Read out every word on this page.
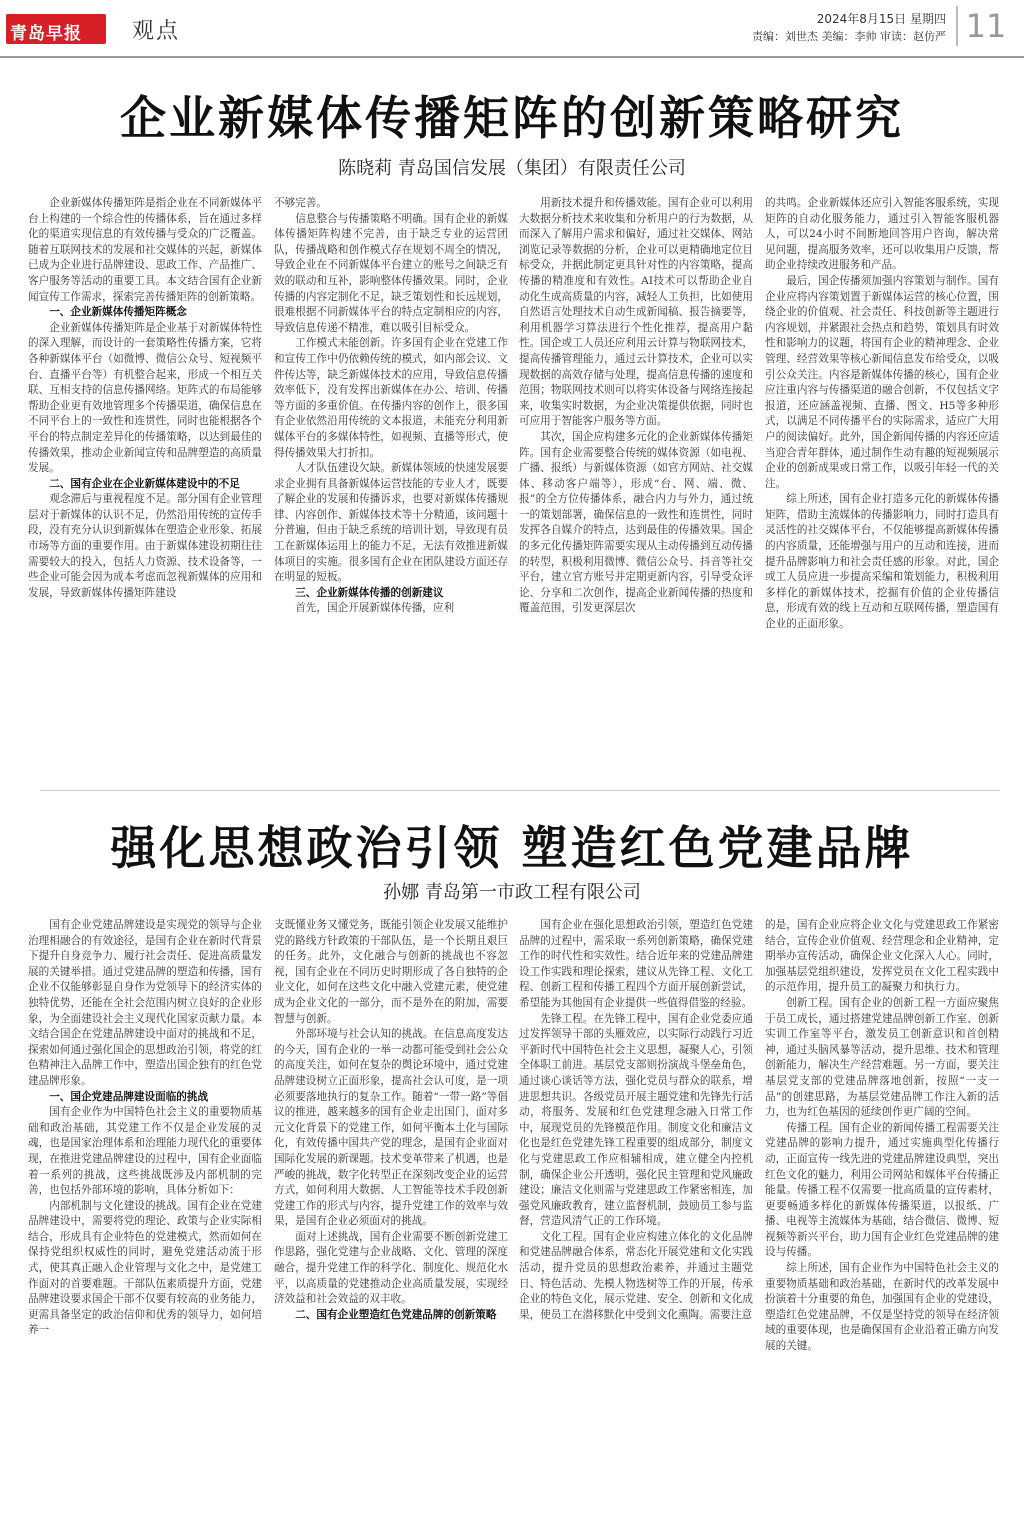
青岛早报 观点	2024年8月15日 星期四
责编：刘世杰 美编：李帅 审读：赵仿严 11
企业新媒体传播矩阵的创新策略研究
陈晓莉 青岛国信发展（集团）有限责任公司

企业新媒体传播矩阵是指企业在不同新媒体平台上构建的一个综合性的传播体系，旨在通过多样化的渠道实现信息的有效传播与受众的广泛覆盖。随着互联网技术的发展和社交媒体的兴起，新媒体已成为企业进行品牌建设、思政工作、产品推广、客户服务等活动的重要工具。本文结合国有企业新闻宣传工作需求，探索完善传播矩阵的创新策略。

一、企业新媒体传播矩阵概念

企业新媒体传播矩阵是企业基于对新媒体特性的深入理解，而设计的一套策略性传播方案，它将各种新媒体平台（如微博、微信公众号、短视频平台、直播平台等）有机整合起来，形成一个相互关联、互相支持的信息传播网络。矩阵式的布局能够帮助企业更有效地管理多个传播渠道，确保信息在不同平台上的一致性和连贯性，同时也能根据各个平台的特点制定差异化的传播策略，以达到最佳的传播效果，推动企业新闻宣传和品牌塑造的高质量发展。

二、国有企业在企业新媒体建设中的不足

观念滞后与重视程度不足。部分国有企业管理层对于新媒体的认识不足，仍然沿用传统的宣传手段，没有充分认识到新媒体在塑造企业形象、拓展市场等方面的重要作用。由于新媒体建设初期往往需要较大的投入，包括人力资源、技术设备等，一些企业可能会因为成本考虑而忽视新媒体的应用和发展，导致新媒体传播矩阵建设

不够完善。

信息整合与传播策略不明确。国有企业的新媒体传播矩阵构建不完善，由于缺乏专业的运营团队，传播战略和创作模式存在规划不周全的情况，导致企业在不同新媒体平台建立的账号之间缺乏有效的联动和互补，影响整体传播效果。同时，企业传播的内容定制化不足，缺乏策划性和长远规划，很难根据不同新媒体平台的特点定制相应的内容，导致信息传递不精准，难以吸引目标受众。

工作模式未能创新。许多国有企业在党建工作和宣传工作中仍依赖传统的模式，如内部会议、文件传达等，缺乏新媒体技术的应用，导致信息传播效率低下，没有发挥出新媒体在办公、培训、传播等方面的多重价值。在传播内容的创作上，很多国有企业依然沿用传统的文本报道，未能充分利用新媒体平台的多媒体特性，如视频、直播等形式，使得传播效果大打折扣。

人才队伍建设欠缺。新媒体领域的快速发展要求企业拥有具备新媒体运营技能的专业人才，既要了解企业的发展和传播诉求，也要对新媒体传播规律、内容创作、新媒体技术等十分精通，该问题十分普遍，但由于缺乏系统的培训计划，导致现有员工在新媒体运用上的能力不足，无法有效推进新媒体项目的实施。很多国有企业在团队建设方面还存在明显的短板。

三、企业新媒体传播的创新建议

首先，国企开展新媒体传播，应利

用新技术提升和传播效能。国有企业可以利用大数据分析技术来收集和分析用户的行为数据，从而深入了解用户需求和偏好，通过社交媒体、网站浏览记录等数据的分析，企业可以更精确地定位目标受众，并据此制定更具针对性的内容策略，提高传播的精准度和有效性。AI技术可以帮助企业自动化生成高质量的内容，减轻人工负担，比如使用自然语言处理技术自动生成新闻稿、报告摘要等，利用机器学习算法进行个性化推荐，提高用户黏性。国企或工人员还应利用云计算与物联网技术，提高传播管理能力，通过云计算技术，企业可以实现数据的高效存储与处理，提高信息传播的速度和范围；物联网技术则可以将实体设备与网络连接起来，收集实时数据，为企业决策提供依据，同时也可应用于智能客户服务等方面。

其次，国企应构建多元化的企业新媒体传播矩阵。国有企业需要整合传统的媒体资源（如电视、广播、报纸）与新媒体资源（如官方网站、社交媒体、移动客户端等），形成“台、网、端、微、报”的全方位传播体系，融合内力与外力，通过统一的策划部署，确保信息的一致性和连贯性，同时发挥各自媒介的特点，达到最佳的传播效果。国企的多元化传播矩阵需要实现从主动传播到互动传播的转型，积极利用微博、微信公众号、抖音等社交平台，建立官方账号并定期更新内容，引导受众评论、分享和二次创作，提高企业新闻传播的热度和覆盖范围，引发更深层次

的共鸣。企业新媒体还应引入智能客服系统，实现矩阵的自动化服务能力，通过引入智能客服机器人，可以24小时不间断地回答用户咨询，解决常见问题，提高服务效率，还可以收集用户反馈，帮助企业持续改进服务和产品。

最后，国企传播须加强内容策划与制作。国有企业应将内容策划置于新媒体运营的核心位置，围绕企业的价值观、社会责任、科技创新等主题进行内容规划，并紧跟社会热点和趋势，策划具有时效性和影响力的议题，将国有企业的精神理念、企业管理、经营效果等核心新闻信息发布给受众，以吸引公众关注。内容是新媒体传播的核心，国有企业应注重内容与传播渠道的融合创新，不仅包括文字报道，还应涵盖视频、直播、图文、H5等多种形式，以满足不同传播平台的实际需求，适应广大用户的阅读偏好。此外，国企新闻传播的内容还应适当迎合青年群体，通过制作生动有趣的短视频展示企业的创新成果或日常工作，以吸引年轻一代的关注。

综上所述，国有企业打造多元化的新媒体传播矩阵，借助主流媒体的传播影响力，同时打造具有灵活性的社交媒体平台，不仅能够提高新媒体传播的内容质量，还能增强与用户的互动和连接，进而提升品牌影响力和社会责任感的形象。对此，国企或工人员应进一步提高采编和策划能力，积极利用多样化的新媒体技术，挖掘有价值的企业传播信息，形成有效的线上互动和互联网传播，塑造国有企业的正面形象。

强化思想政治引领 塑造红色党建品牌
孙娜 青岛第一市政工程有限公司

国有企业党建品牌建设是实现党的领导与企业治理相融合的有效途径，是国有企业在新时代背景下提升自身竞争力、履行社会责任、促进高质量发展的关键举措。通过党建品牌的塑造和传播，国有企业不仅能够彰显自身作为党领导下的经济实体的独特优势，还能在全社会范围内树立良好的企业形象，为全面建设社会主义现代化国家贡献力量。本文结合国企在党建品牌建设中面对的挑战和不足，探索如何通过强化国企的思想政治引领，将党的红色精神注入品牌工作中，塑造出国企独有的红色党建品牌形象。

一、国企党建品牌建设面临的挑战

国有企业作为中国特色社会主义的重要物质基础和政治基础，其党建工作不仅是企业发展的灵魂，也是国家治理体系和治理能力现代化的重要体现，在推进党建品牌建设的过程中，国有企业面临着一系列的挑战，这些挑战既涉及内部机制的完善，也包括外部环境的影响，具体分析如下：

内部机制与文化建设的挑战。国有企业在党建品牌建设中，需要将党的理论、政策与企业实际相结合，形成具有企业特色的党建模式，然而如何在保持党组织权威性的同时，避免党建活动流于形式，使其真正融入企业管理与文化之中，是党建工作面对的首要难题。干部队伍素质提升方面，党建品牌建设要求国企干部不仅要有较高的业务能力，更需具备坚定的政治信仰和优秀的领导力，如何培养一

支既懂业务又懂党务，既能引领企业发展又能维护党的路线方针政策的干部队伍，是一个长期且艰巨的任务。此外，文化融合与创新的挑战也不容忽视，国有企业在不同历史时期形成了各自独特的企业文化，如何在这些文化中融入党建元素，使党建成为企业文化的一部分，而不是外在的附加，需要智慧与创新。

外部环境与社会认知的挑战。在信息高度发达的今天，国有企业的一举一动都可能受到社会公众的高度关注，如何在复杂的舆论环境中，通过党建品牌建设树立正面形象，提高社会认可度，是一项必须要落地执行的复杂工作。随着“一带一路”等倡议的推进，越来越多的国有企业走出国门，面对多元文化背景下的党建工作，如何平衡本土化与国际化，有效传播中国共产党的理念，是国有企业面对国际化发展的新课题。技术变革带来了机遇，也是严峻的挑战，数字化转型正在深刻改变企业的运营方式，如何利用大数据、人工智能等技术手段创新党建工作的形式与内容，提升党建工作的效率与效果，是国有企业必须面对的挑战。

面对上述挑战，国有企业需要不断创新党建工作思路，强化党建与企业战略、文化、管理的深度融合，提升党建工作的科学化、制度化、规范化水平，以高质量的党建推动企业高质量发展，实现经济效益和社会效益的双丰收。

二、国有企业塑造红色党建品牌的创新策略

国有企业在强化思想政治引领，塑造红色党建品牌的过程中，需采取一系列创新策略，确保党建工作的时代性和实效性。结合近年来的党建品牌建设工作实践和理论探索，建议从先锋工程、文化工程、创新工程和传播工程四个方面开展创新尝试，希望能为其他国有企业提供一些值得借鉴的经验。

先锋工程。在先锋工程中，国有企业党委应通过发挥领导干部的头雁效应，以实际行动践行习近平新时代中国特色社会主义思想，凝聚人心，引领全体职工前进。基层党支部则扮演战斗堡垒角色，通过谈心谈话等方法，强化党员与群众的联系，增进思想共识。各级党员开展主题党建和先锋先行活动，将服务、发展和红色党建理念融入日常工作中，展现党员的先锋模范作用。制度文化和廉洁文化也是红色党建先锋工程重要的组成部分，制度文化与党建思政工作应相辅相成，建立健全内控机制，确保企业公开透明，强化民主管理和党风廉政建设；廉洁文化则需与党建思政工作紧密相连，加强党风廉政教育，建立监督机制，鼓励员工参与监督，营造风清气正的工作环境。

文化工程。国有企业应构建立体化的文化品牌和党建品牌融合体系，常态化开展党建和文化实践活动，提升党员的思想政治素养，并通过主题党日、特色活动、先模人物选树等工作的开展，传承企业的特色文化，展示党建、安全、创新和文化成果，使员工在潜移默化中受到文化熏陶。需要注意

的是，国有企业应将企业文化与党建思政工作紧密结合，宣传企业价值观、经营理念和企业精神，定期举办宣传活动，确保企业文化深入人心。同时，加强基层党组织建设，发挥党员在文化工程实践中的示范作用，提升员工的凝聚力和执行力。

创新工程。国有企业的创新工程一方面应聚焦于员工成长，通过搭建党建品牌创新工作室、创新实训工作室等平台，激发员工创新意识和首创精神，通过头脑风暴等活动，提升思维、技术和管理创新能力，解决生产经营难题。另一方面，要关注基层党支部的党建品牌落地创新，按照“一支一品”的创建思路，为基层党建品牌工作注入新的活力，也为红色基因的延续创作更广阔的空间。

传播工程。国有企业的新闻传播工程需要关注党建品牌的影响力提升，通过实施典型化传播行动，正面宣传一线先进的党建品牌建设典型，突出红色文化的魅力，利用公司网站和媒体平台传播正能量。传播工程不仅需要一批高质量的宣传素材，更要畅通多样化的新媒体传播渠道，以报纸、广播、电视等主流媒体为基础，结合微信、微博、短视频等新兴平台，助力国有企业红色党建品牌的建设与传播。

综上所述，国有企业作为中国特色社会主义的重要物质基础和政治基础，在新时代的改革发展中扮演着十分重要的角色，加强国有企业的党建设，塑造红色党建品牌，不仅是坚持党的领导在经济领域的重要体现，也是确保国有企业沿着正确方向发展的关键。
